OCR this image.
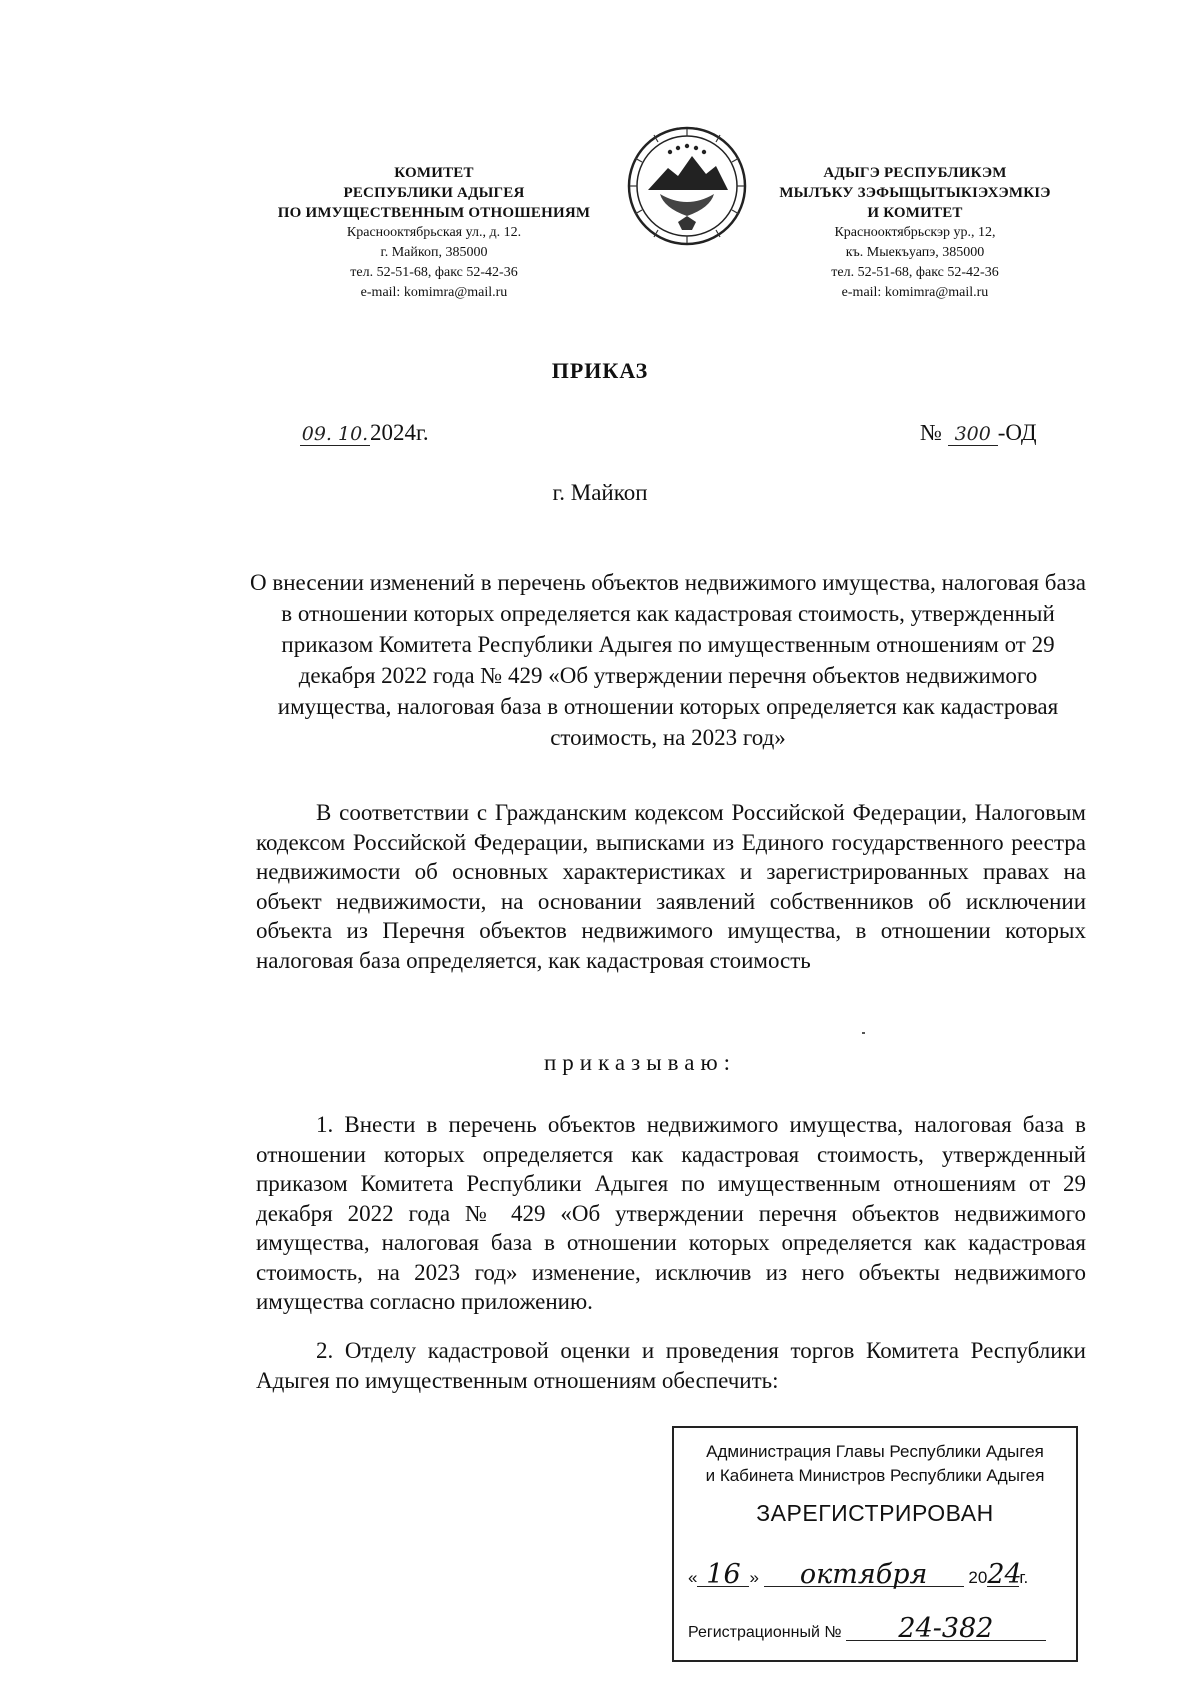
КОМИТЕТ
РЕСПУБЛИКИ АДЫГЕЯ
ПО ИМУЩЕСТВЕННЫМ ОТНОШЕНИЯМ
Краснооктябрьская ул., д. 12.
г. Майкоп, 385000
тел. 52-51-68, факс 52-42-36
e-mail: komimra@mail.ru
АДЫГЭ РЕСПУБЛИКЭМ
МЫЛЪКУ ЗЭФЫЩЫТЫКIЭХЭМКIЭ
И КОМИТЕТ
Краснооктябрьскэр ур., 12,
къ. Мыекъуапэ, 385000
тел. 52-51-68, факс 52-42-36
e-mail: komimra@mail.ru
ПРИКАЗ
09. 10.2024г.	№ 300 -ОД
г. Майкоп
О внесении изменений в перечень объектов недвижимого имущества, налоговая база в отношении которых определяется как кадастровая стоимость, утвержденный приказом Комитета Республики Адыгея по имущественным отношениям от 29 декабря 2022 года № 429 «Об утверждении перечня объектов недвижимого имущества, налоговая база в отношении которых определяется как кадастровая стоимость, на 2023 год»
В соответствии с Гражданским кодексом Российской Федерации, Налоговым кодексом Российской Федерации, выписками из Единого государственного реестра недвижимости об основных характеристиках и зарегистрированных правах на объект недвижимости, на основании заявлений собственников об исключении объекта из Перечня объектов недвижимого имущества, в отношении которых налоговая база определяется, как кадастровая стоимость
приказываю:
1. Внести в перечень объектов недвижимого имущества, налоговая база в отношении которых определяется как кадастровая стоимость, утвержденный приказом Комитета Республики Адыгея по имущественным отношениям от 29 декабря 2022 года № 429 «Об утверждении перечня объектов недвижимого имущества, налоговая база в отношении которых определяется как кадастровая стоимость, на 2023 год» изменение, исключив из него объекты недвижимого имущества согласно приложению.
2. Отделу кадастровой оценки и проведения торгов Комитета Республики Адыгея по имущественным отношениям обеспечить:
Администрация Главы Республики Адыгея
и Кабинета Министров Республики Адыгея
ЗАРЕГИСТРИРОВАН
« 16 » октября 2024г.
Регистрационный № 24-382
